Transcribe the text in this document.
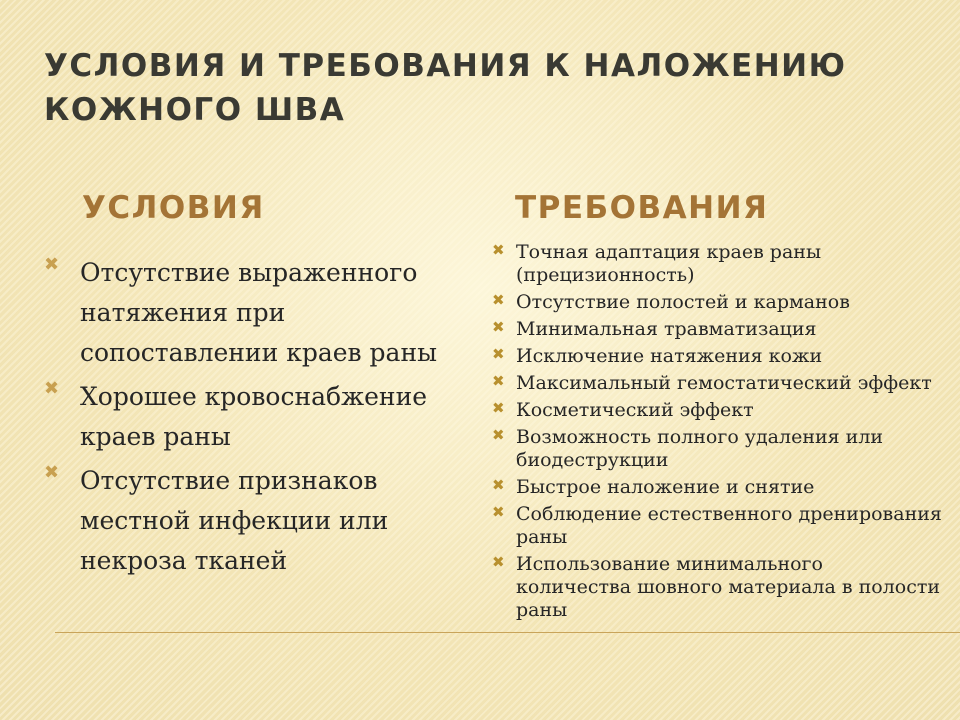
УСЛОВИЯ И ТРЕБОВАНИЯ К НАЛОЖЕНИЮ КОЖНОГО ШВА
УСЛОВИЯ	ТРЕБОВАНИЯ
✖ Отсутствие выраженного натяжения при сопоставлении краев раны
✖ Хорошее кровоснабжение краев раны
✖ Отсутствие признаков местной инфекции или некроза тканей
✖ Точная адаптация краев раны (прецизионность)
✖ Отсутствие полостей и карманов
✖ Минимальная травматизация
✖ Исключение натяжения кожи
✖ Максимальный гемостатический эффект
✖ Косметический эффект
✖ Возможность полного удаления или биодеструкции
✖ Быстрое наложение и снятие
✖ Соблюдение естественного дренирования раны
✖ Использование минимального количества шовного материала в полости раны
